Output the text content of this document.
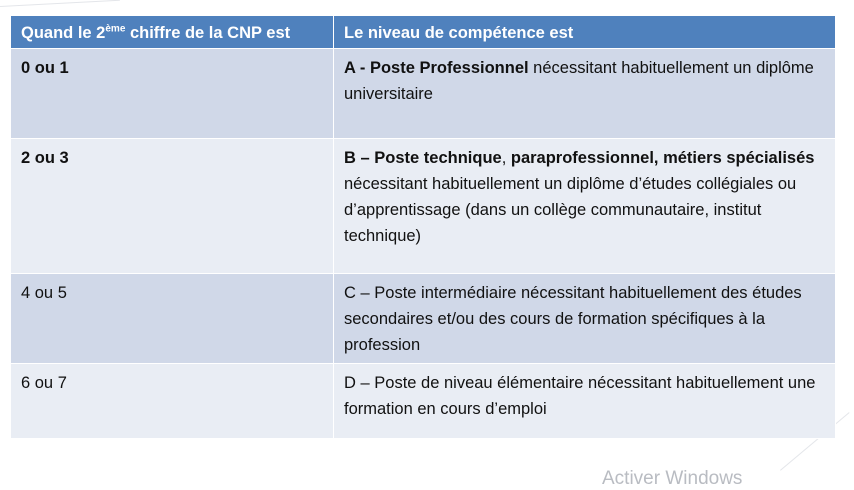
Quand le 2ème chiffre de la CNP est	Le niveau de compétence est
0 ou 1	A - Poste Professionnel nécessitant habituellement un diplôme universitaire
2 ou 3	B – Poste technique, paraprofessionnel, métiers spécialisés nécessitant habituellement un diplôme d’études collégiales ou d’apprentissage (dans un collège communautaire, institut technique)
4 ou 5	C – Poste intermédiaire nécessitant habituellement des études secondaires et/ou des cours de formation spécifiques à la profession
6 ou 7	D – Poste de niveau élémentaire nécessitant habituellement une formation en cours d’emploi
Activer Windows
